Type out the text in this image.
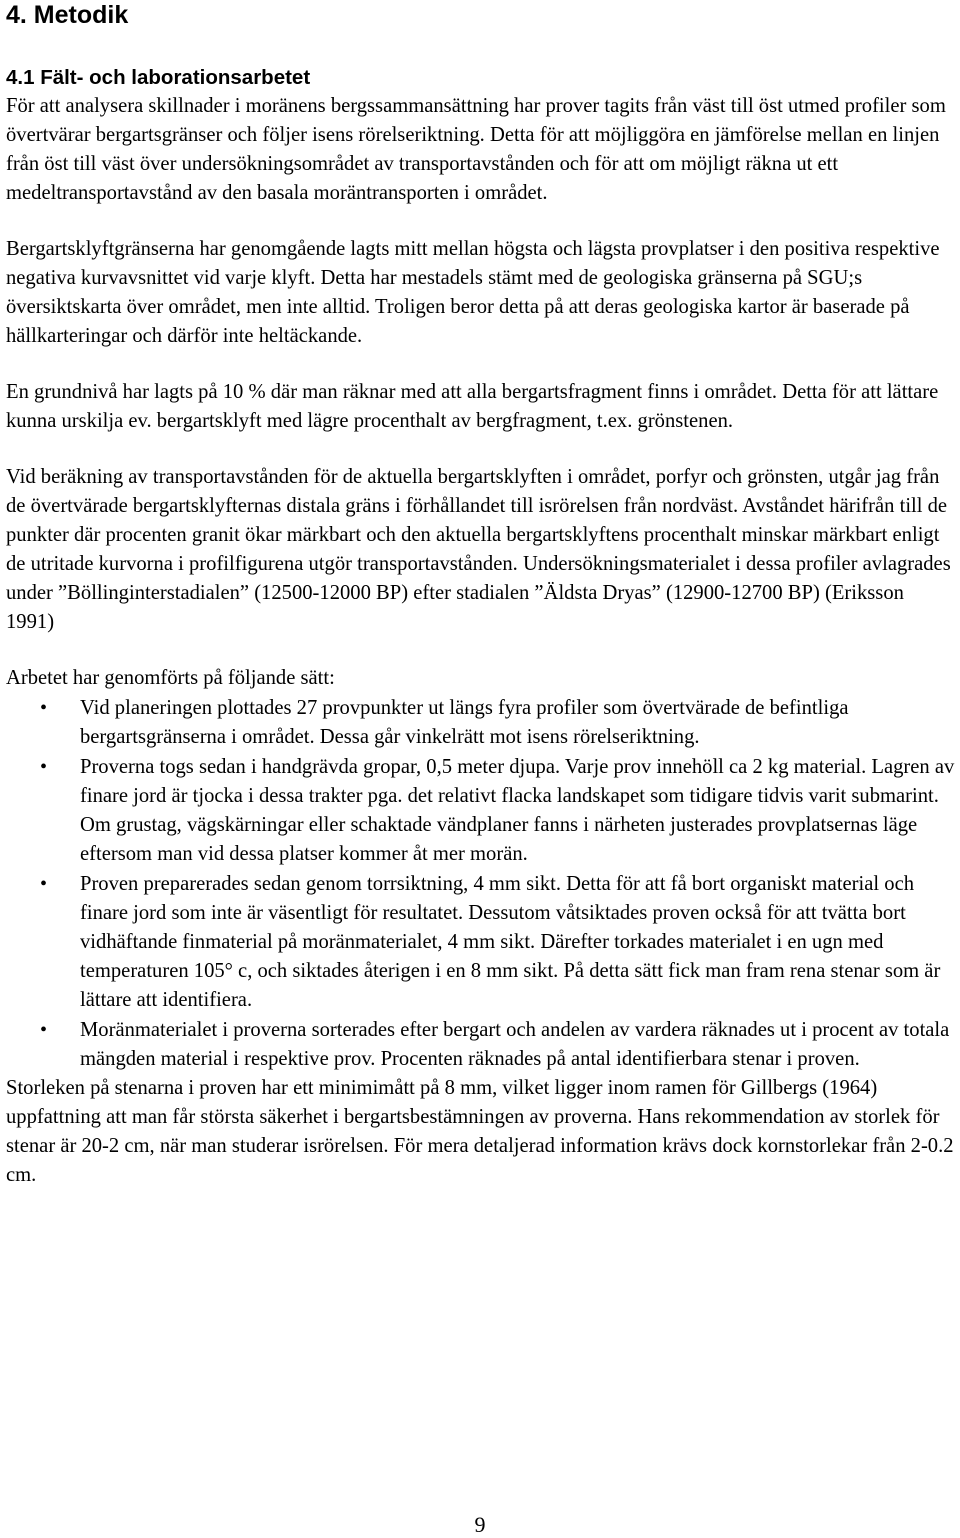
4. Metodik
4.1 Fält- och laborationsarbetet

För att analysera skillnader i moränens bergssammansättning har prover tagits från väst till öst utmed profiler som övertvärar bergartsgränser och följer isens rörelseriktning. Detta för att möjliggöra en jämförelse mellan en linjen från öst till väst över undersökningsområdet av transportavstånden och för att om möjligt räkna ut ett medeltransportavstånd av den basala moräntransporten i området.

Bergartsklyftgränserna har genomgående lagts mitt mellan högsta och lägsta provplatser i den positiva respektive negativa kurvavsnittet vid varje klyft. Detta har mestadels stämt med de geologiska gränserna på SGU;s översiktskarta över området, men inte alltid. Troligen beror detta på att deras geologiska kartor är baserade på hällkarteringar och därför inte heltäckande.

En grundnivå har lagts på 10 % där man räknar med att alla bergartsfragment finns i området. Detta för att lättare kunna urskilja ev. bergartsklyft med lägre procenthalt av bergfragment, t.ex. grönstenen.

Vid beräkning av transportavstånden för de aktuella bergartsklyften i området, porfyr och grönsten, utgår jag från de övertvärade bergartsklyfternas distala gräns i förhållandet till isrörelsen från nordväst. Avståndet härifrån till de punkter där procenten granit ökar märkbart och den aktuella bergartsklyftens procenthalt minskar märkbart enligt de utritade kurvorna i profilfigurena utgör transportavstånden. Undersökningsmaterialet i dessa profiler avlagrades under ”Böllinginterstadialen” (12500-12000 BP) efter stadialen ”Äldsta Dryas” (12900-12700 BP) (Eriksson 1991)

Arbetet har genomförts på följande sätt:

• Vid planeringen plottades 27 provpunkter ut längs fyra profiler som övertvärade de befintliga bergartsgränserna i området. Dessa går vinkelrätt mot isens rörelseriktning.
• Proverna togs sedan i handgrävda gropar, 0,5 meter djupa. Varje prov innehöll ca 2 kg material. Lagren av finare jord är tjocka i dessa trakter pga. det relativt flacka landskapet som tidigare tidvis varit submarint. Om grustag, vägskärningar eller schaktade vändplaner fanns i närheten justerades provplatsernas läge eftersom man vid dessa platser kommer åt mer morän.
• Proven preparerades sedan genom torrsiktning, 4 mm sikt. Detta för att få bort organiskt material och finare jord som inte är väsentligt för resultatet. Dessutom våtsiktades proven också för att tvätta bort vidhäftande finmaterial på moränmaterialet, 4 mm sikt. Därefter torkades materialet i en ugn med temperaturen 105° c, och siktades återigen i en 8 mm sikt. På detta sätt fick man fram rena stenar som är lättare att identifiera.
• Moränmaterialet i proverna sorterades efter bergart och andelen av vardera räknades ut i procent av totala mängden material i respektive prov. Procenten räknades på antal identifierbara stenar i proven.

Storleken på stenarna i proven har ett minimimått på 8 mm, vilket ligger inom ramen för Gillbergs (1964) uppfattning att man får största säkerhet i bergartsbestämningen av proverna. Hans rekommendation av storlek för stenar är 20-2 cm, när man studerar isrörelsen. För mera detaljerad information krävs dock kornstorlekar från 2-0.2 cm.

9
